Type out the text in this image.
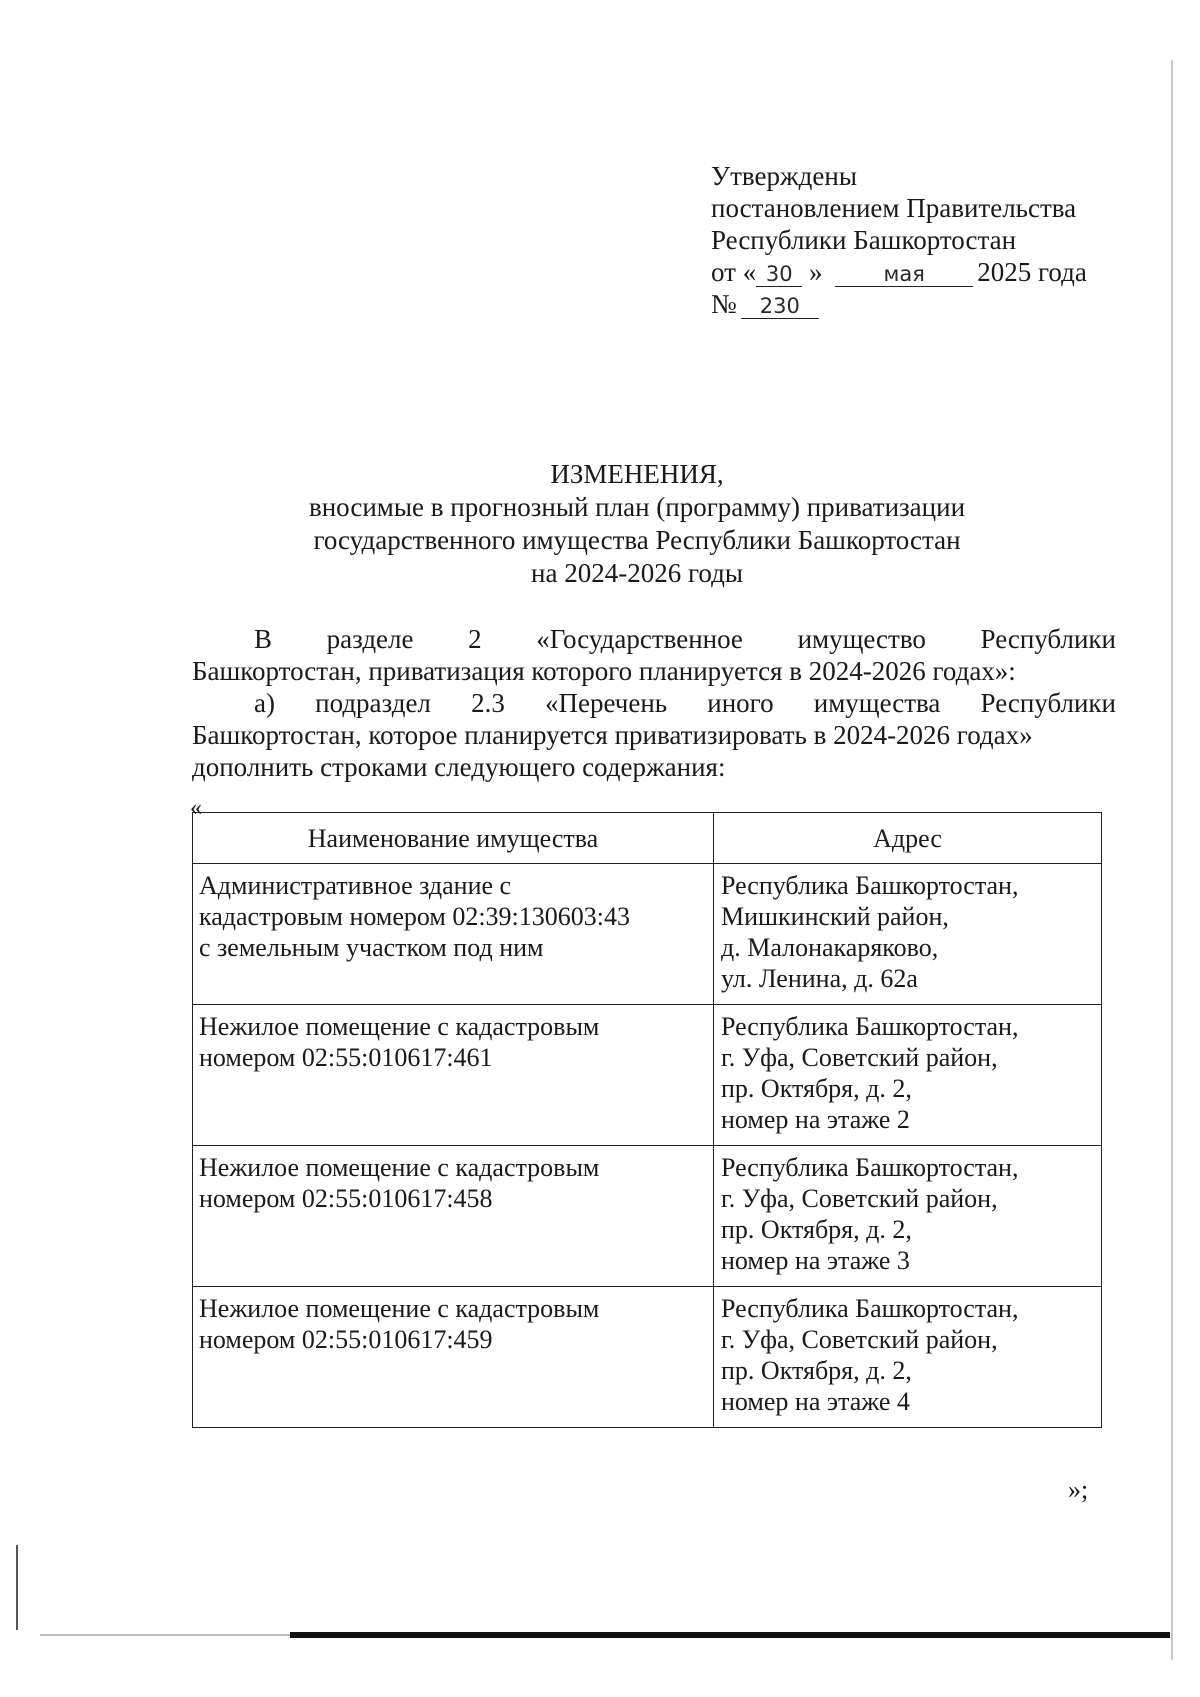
Утверждены
постановлением Правительства
Республики Башкортостан
от « 30 »	мая 2025 года
№ 230
ИЗМЕНЕНИЯ,
вносимые в прогнозный план (программу) приватизации
государственного имущества Республики Башкортостан
на 2024-2026 годы
В разделе 2 «Государственное имущество Республики
Башкортостан, приватизация которого планируется в 2024-2026 годах»:
а) подраздел 2.3 «Перечень иного имущества Республики
Башкортостан, которое планируется приватизировать в 2024-2026 годах»
дополнить строками следующего содержания:
«
Наименование имущества	Адрес

Административное здание с
кадастровым номером 02:39:130603:43
с земельным участком под ним	Республика Башкортостан,
Мишкинский район,
д. Малонакаряково,
ул. Ленина, д. 62а

Нежилое помещение с кадастровым
номером 02:55:010617:461	Республика Башкортостан,
г. Уфа, Советский район,
пр. Октября, д. 2,
номер на этаже 2

Нежилое помещение с кадастровым
номером 02:55:010617:458	Республика Башкортостан,
г. Уфа, Советский район,
пр. Октября, д. 2,
номер на этаже 3

Нежилое помещение с кадастровым
номером 02:55:010617:459	Республика Башкортостан,
г. Уфа, Советский район,
пр. Октября, д. 2,
номер на этаже 4
»;
